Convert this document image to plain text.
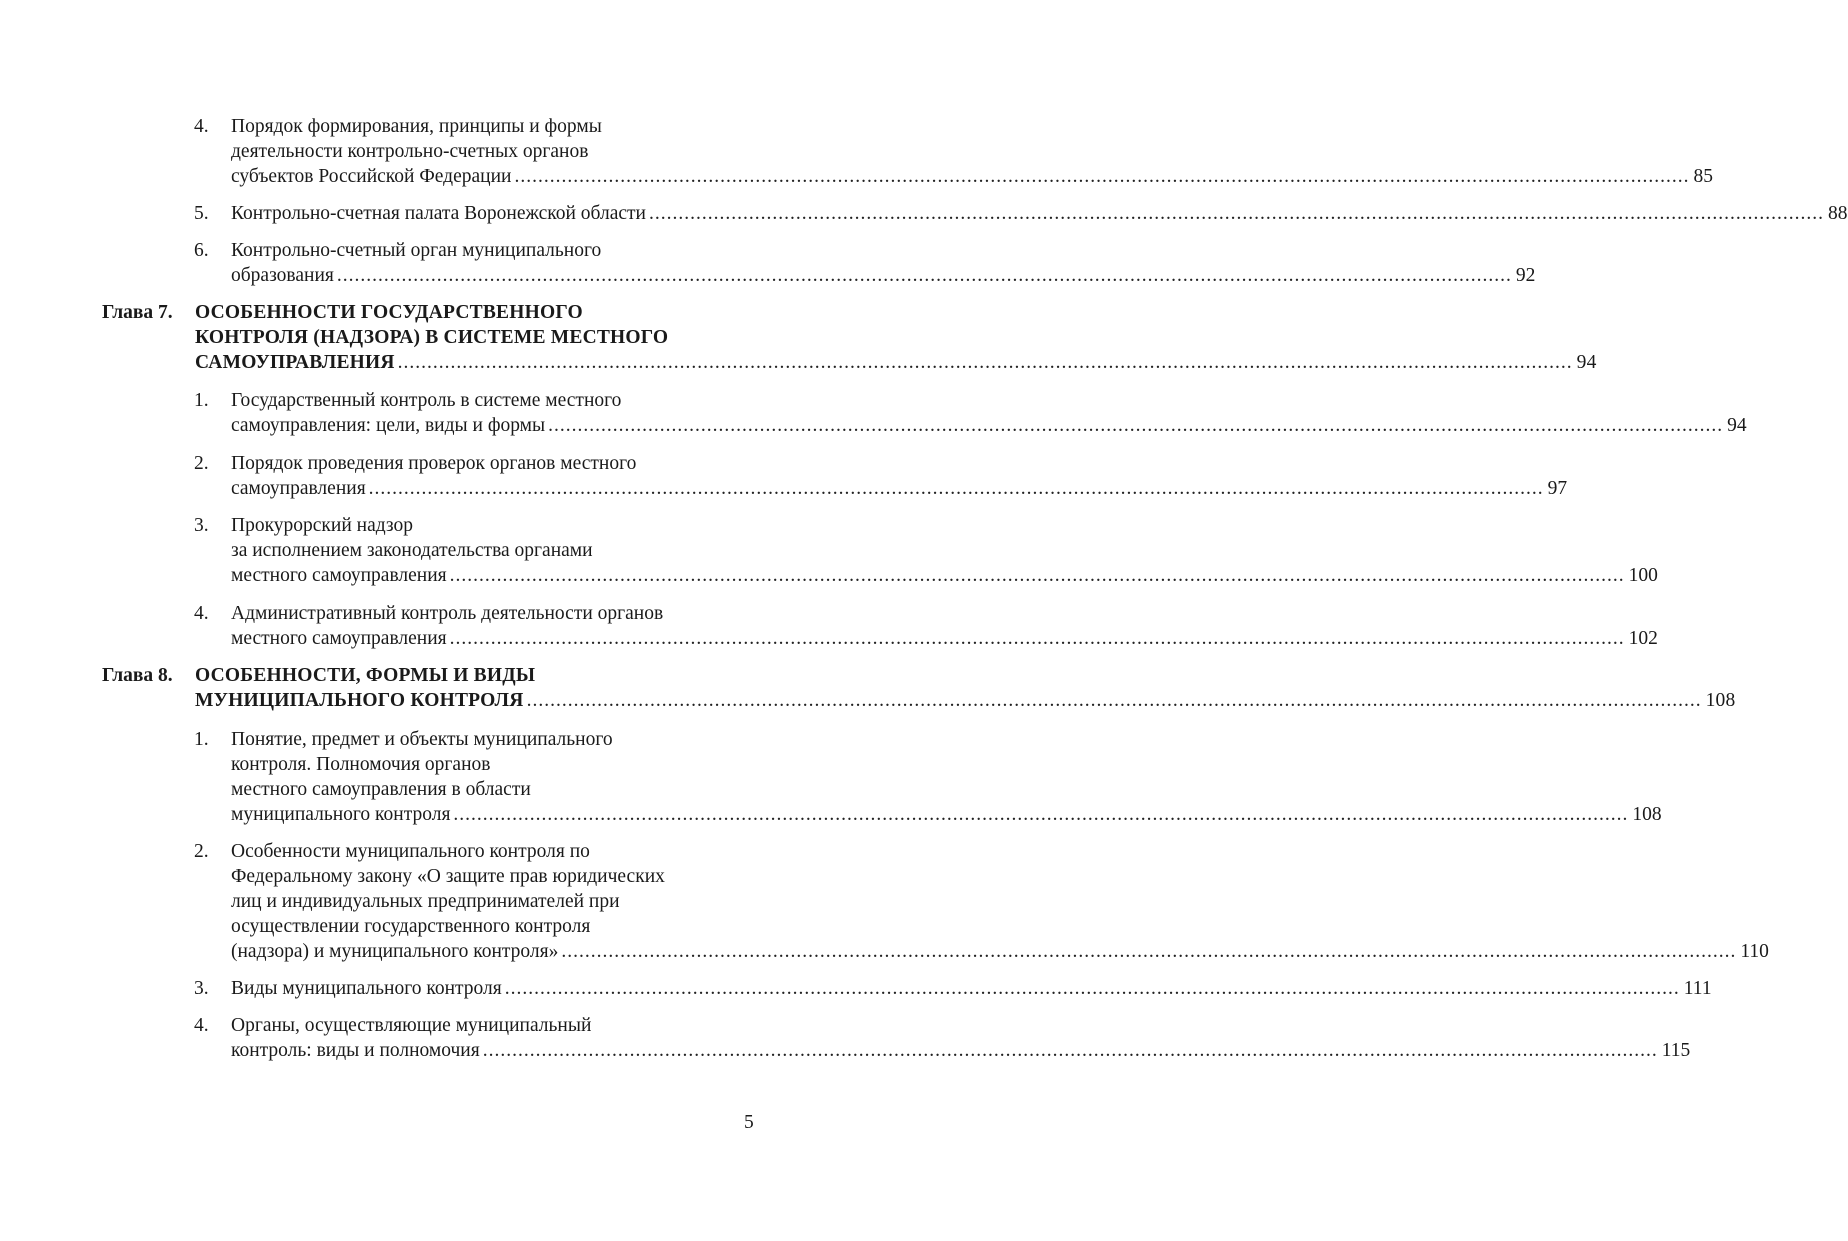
4. Порядок формирования, принципы и формы
деятельности контрольно-счетных органов
субъектов Российской Федерации ........................................................................................................................................................................................................ 85
5. Контрольно-счетная палата Воронежской области ........................................................................................................................................................................................................ 88
6. Контрольно-счетный орган муниципального
образования ........................................................................................................................................................................................................ 92
Глава 7. ОСОБЕННОСТИ ГОСУДАРСТВЕННОГО
КОНТРОЛЯ (НАДЗОРА) В СИСТЕМЕ МЕСТНОГО
САМОУПРАВЛЕНИЯ ........................................................................................................................................................................................................ 94
1. Государственный контроль в системе местного
самоуправления: цели, виды и формы ........................................................................................................................................................................................................ 94
2. Порядок проведения проверок органов местного
самоуправления ........................................................................................................................................................................................................ 97
3. Прокурорский надзор
за исполнением законодательства органами
местного самоуправления ........................................................................................................................................................................................................ 100
4. Административный контроль деятельности органов
местного самоуправления ........................................................................................................................................................................................................ 102
Глава 8. ОСОБЕННОСТИ, ФОРМЫ И ВИДЫ
МУНИЦИПАЛЬНОГО КОНТРОЛЯ ........................................................................................................................................................................................................ 108
1. Понятие, предмет и объекты муниципального
контроля. Полномочия органов
местного самоуправления в области
муниципального контроля ........................................................................................................................................................................................................ 108
2. Особенности муниципального контроля по
Федеральному закону «О защите прав юридических
лиц и индивидуальных предпринимателей при
осуществлении государственного контроля
(надзора) и муниципального контроля» ........................................................................................................................................................................................................ 110
3. Виды муниципального контроля ........................................................................................................................................................................................................ 111
4. Органы, осуществляющие муниципальный
контроль: виды и полномочия ........................................................................................................................................................................................................ 115
5
